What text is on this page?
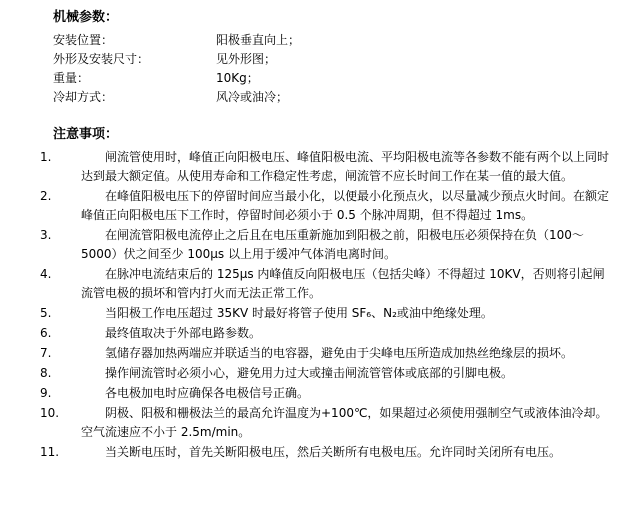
机械参数：
安装位置：	阳极垂直向上；
外形及安装尺寸：	见外形图；
重量：	10Kg；
冷却方式：	风冷或油冷；
注意事项：
1.	闸流管使用时，峰值正向阳极电压、峰值阳极电流、平均阳极电流等各参数不能有两个以上同时达到最大额定值。从使用寿命和工作稳定性考虑，闸流管不应长时间工作在某一值的最大值。
2.	在峰值阳极电压下的停留时间应当最小化，以便最小化预点火，以尽量减少预点火时间。在额定峰值正向阳极电压下工作时，停留时间必须小于 0.5 个脉冲周期，但不得超过 1ms。
3.	在闸流管阳极电流停止之后且在电压重新施加到阳极之前，阳极电压必须保持在负（100～5000）伏之间至少 100μs 以上用于缓冲气体消电离时间。
4.	在脉冲电流结束后的 125μs 内峰值反向阳极电压（包括尖峰）不得超过 10KV，否则将引起闸流管电极的损坏和管内打火而无法正常工作。
5.	当阳极工作电压超过 35KV 时最好将管子使用 SF₆、N₂或油中绝缘处理。
6.	最终值取决于外部电路参数。
7.	氢储存器加热两端应并联适当的电容器，避免由于尖峰电压所造成加热丝绝缘层的损坏。
8.	操作闸流管时必须小心，避免用力过大或撞击闸流管管体或底部的引脚电极。
9.	各电极加电时应确保各电极信号正确。
10.	阴极、阳极和栅极法兰的最高允许温度为+100℃，如果超过必须使用强制空气或液体油冷却。空气流速应不小于 2.5m/min。
11.	当关断电压时，首先关断阳极电压，然后关断所有电极电压。允许同时关闭所有电压。
